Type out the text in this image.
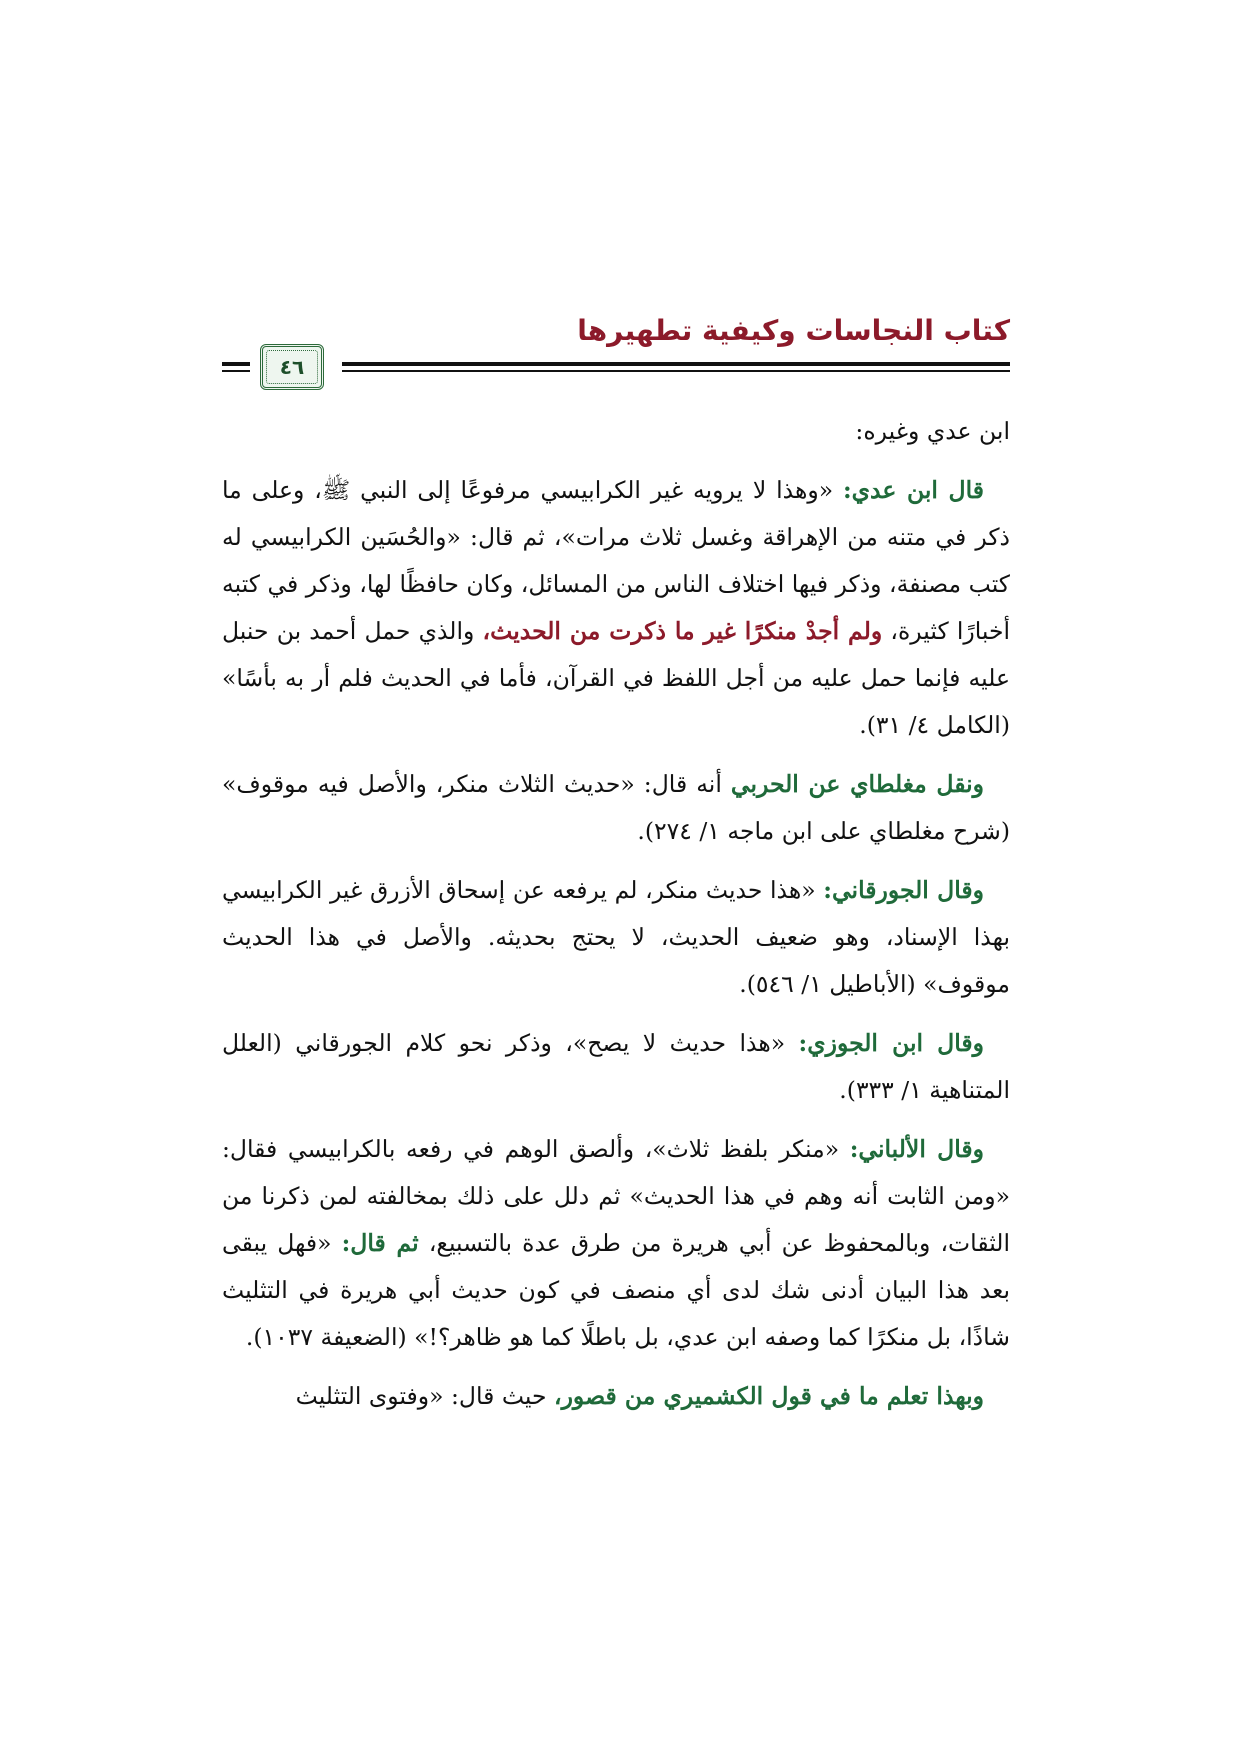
كتاب النجاسات وكيفية تطهيرها
٤٦

ابن عدي وغيره:

قال ابن عدي: «وهذا لا يرويه غير الكرابيسي مرفوعًا إلى النبي ﷺ، وعلى ما ذكر في متنه من الإهراقة وغسل ثلاث مرات»، ثم قال: «والحُسَين الكرابيسي له كتب مصنفة، وذكر فيها اختلاف الناس من المسائل، وكان حافظًا لها، وذكر في كتبه أخبارًا كثيرة، ولم أجدْ منكرًا غير ما ذكرت من الحديث، والذي حمل أحمد بن حنبل عليه فإنما حمل عليه من أجل اللفظ في القرآن، فأما في الحديث فلم أر به بأسًا» (الكامل ٤/ ٣١).

ونقل مغلطاي عن الحربي أنه قال: «حديث الثلاث منكر، والأصل فيه موقوف» (شرح مغلطاي على ابن ماجه ١/ ٢٧٤).

وقال الجورقاني: «هذا حديث منكر، لم يرفعه عن إسحاق الأزرق غير الكرابيسي بهذا الإسناد، وهو ضعيف الحديث، لا يحتج بحديثه. والأصل في هذا الحديث موقوف» (الأباطيل ١/ ٥٤٦).

وقال ابن الجوزي: «هذا حديث لا يصح»، وذكر نحو كلام الجورقاني (العلل المتناهية ١/ ٣٣٣).

وقال الألباني: «منكر بلفظ ثلاث»، وألصق الوهم في رفعه بالكرابيسي فقال: «ومن الثابت أنه وهم في هذا الحديث» ثم دلل على ذلك بمخالفته لمن ذكرنا من الثقات، وبالمحفوظ عن أبي هريرة من طرق عدة بالتسبيع، ثم قال: «فهل يبقى بعد هذا البيان أدنى شك لدى أي منصف في كون حديث أبي هريرة في التثليث شاذًا، بل منكرًا كما وصفه ابن عدي، بل باطلًا كما هو ظاهر؟!» (الضعيفة ١٠٣٧).

وبهذا تعلم ما في قول الكشميري من قصور، حيث قال: «وفتوى التثليث
